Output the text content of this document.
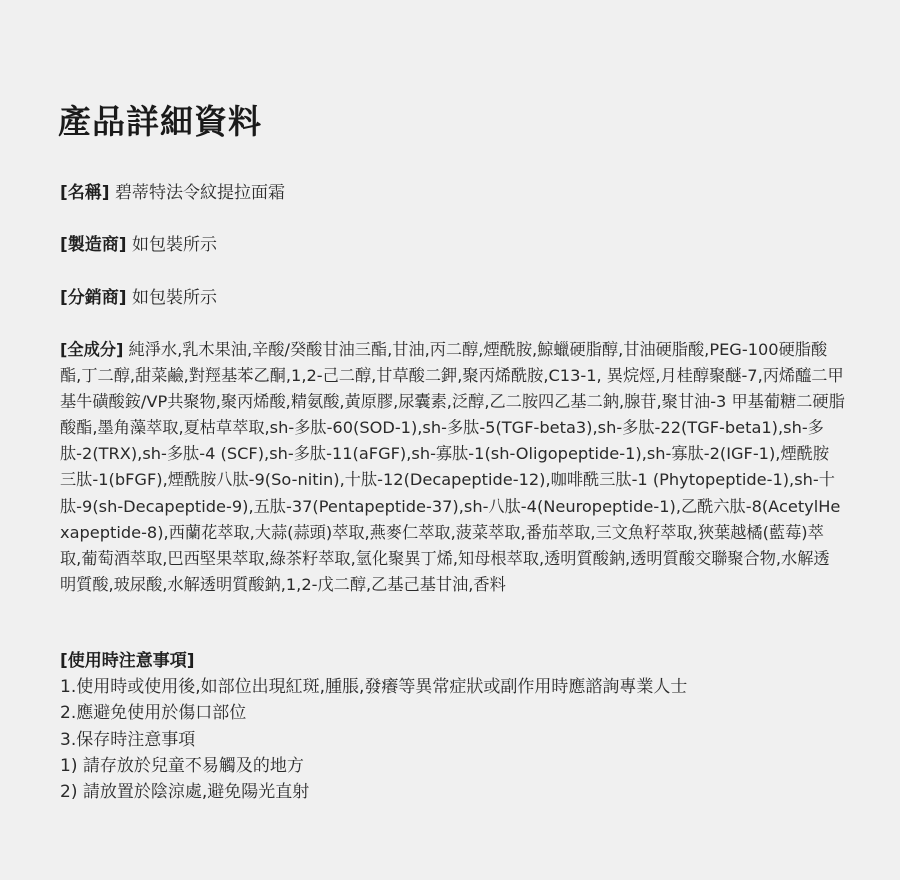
產品詳細資料

[名稱] 碧蒂特法令紋提拉面霜

[製造商] 如包裝所示

[分銷商] 如包裝所示

[全成分] 純淨水,乳木果油,辛酸/癸酸甘油三酯,甘油,丙二醇,煙酰胺,鯨蠟硬脂醇,甘油硬脂酸,PEG-100硬脂酸酯,丁二醇,甜菜鹼,對羥基苯乙酮,1,2-己二醇,甘草酸二鉀,聚丙烯酰胺,C13-1, 異烷烴,月桂醇聚醚-7,丙烯醯二甲基牛磺酸銨/VP共聚物,聚丙烯酸,精氨酸,黃原膠,尿囊素,泛醇,乙二胺四乙基二鈉,腺苷,聚甘油-3 甲基葡糖二硬脂酸酯,墨角藻萃取,夏枯草萃取,sh-多肽-60(SOD-1),sh-多肽-5(TGF-beta3),sh-多肽-22(TGF-beta1),sh-多肽-2(TRX),sh-多肽-4 (SCF),sh-多肽-11(aFGF),sh-寡肽-1(sh-Oligopeptide-1),sh-寡肽-2(IGF-1),煙酰胺三肽-1(bFGF),煙酰胺八肽-9(So-nitin),十肽-12(Decapeptide-12),咖啡酰三肽-1 (Phytopeptide-1),sh-十肽-9(sh-Decapeptide-9),五肽-37(Pentapeptide-37),sh-八肽-4(Neuropeptide-1),乙酰六肽-8(AcetylHexapeptide-8),西蘭花萃取,大蒜(蒜頭)萃取,燕麥仁萃取,菠菜萃取,番茄萃取,三文魚籽萃取,狹葉越橘(藍莓)萃取,葡萄酒萃取,巴西堅果萃取,綠茶籽萃取,氫化聚異丁烯,知母根萃取,透明質酸鈉,透明質酸交聯聚合物,水解透明質酸,玻尿酸,水解透明質酸鈉,1,2-戊二醇,乙基己基甘油,香料

[使用時注意事項]
1.使用時或使用後,如部位出現紅斑,腫脹,發癢等異常症狀或副作用時應諮詢專業人士
2.應避免使用於傷口部位
3.保存時注意事項
1) 請存放於兒童不易觸及的地方
2) 請放置於陰涼處,避免陽光直射
